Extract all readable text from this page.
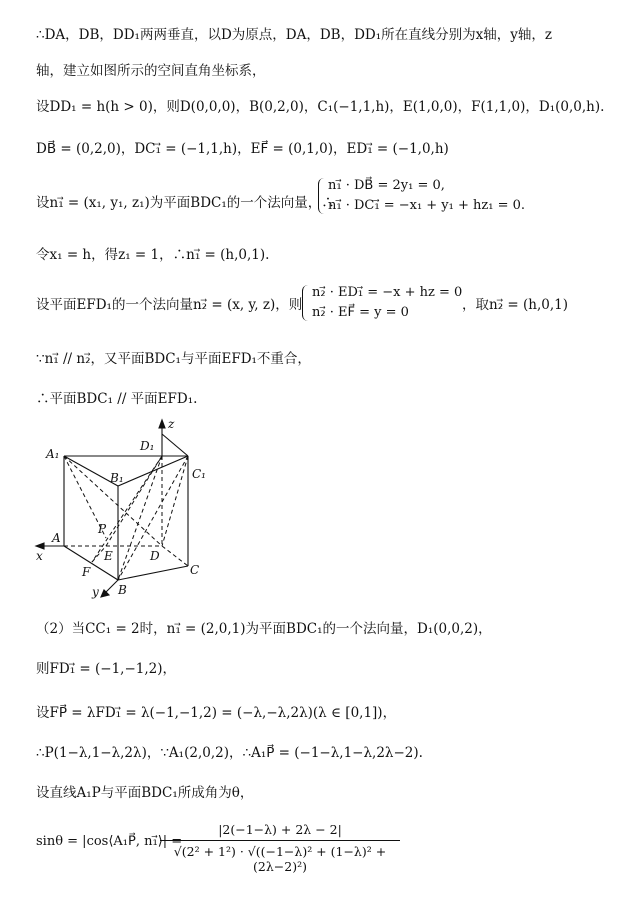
∴DA，DB，DD₁两两垂直，以D为原点，DA，DB，DD₁所在直线分别为x轴，y轴，z
轴，建立如图所示的空间直角坐标系，
设DD₁ = h(h > 0)，则D(0,0,0)，B(0,2,0)，C₁(−1,1,h)，E(1,0,0)，F(1,1,0)，D₁(0,0,h).
DB⃗ = (0,2,0)，DC₁⃗ = (−1,1,h)，EF⃗ = (0,1,0)，ED₁⃗ = (−1,0,h)
设n₁⃗ = (x₁, y₁, z₁)为平面BDC₁的一个法向量，∴
n₁⃗ · DB⃗ = 2y₁ = 0,
n₁⃗ · DC₁⃗ = −x₁ + y₁ + hz₁ = 0.
令x₁ = h，得z₁ = 1，∴n₁⃗ = (h,0,1).
设平面EFD₁的一个法向量n₂⃗ = (x, y, z)，则
n₂⃗ · ED₁⃗ = −x + hz = 0
n₂⃗ · EF⃗ = y = 0	，取n₂⃗ = (h,0,1)
∵n₁⃗ // n₂⃗，又平面BDC₁与平面EFD₁不重合，
∴平面BDC₁ // 平面EFD₁.
z
D₁
A₁
B₁	C₁
P
A
x	E	D
F	C
y B
（2）当CC₁ = 2时，n₁⃗ = (2,0,1)为平面BDC₁的一个法向量，D₁(0,0,2)，
则FD₁⃗ = (−1,−1,2)，
设FP⃗ = λFD₁⃗ = λ(−1,−1,2) = (−λ,−λ,2λ)(λ ∈ [0,1])，
∴P(1−λ,1−λ,2λ)，∵A₁(2,0,2)，∴A₁P⃗ = (−1−λ,1−λ,2λ−2).
设直线A₁P与平面BDC₁所成角为θ，
sinθ = |cos⟨A₁P⃗, n₁⃗⟩| =
$\frac{|2(-1-\lambda) + 2\lambda - 2|}{\text{√(2² + 1²) · √((−1−λ)² + (1−λ)² + (2λ−2)²)}}$
